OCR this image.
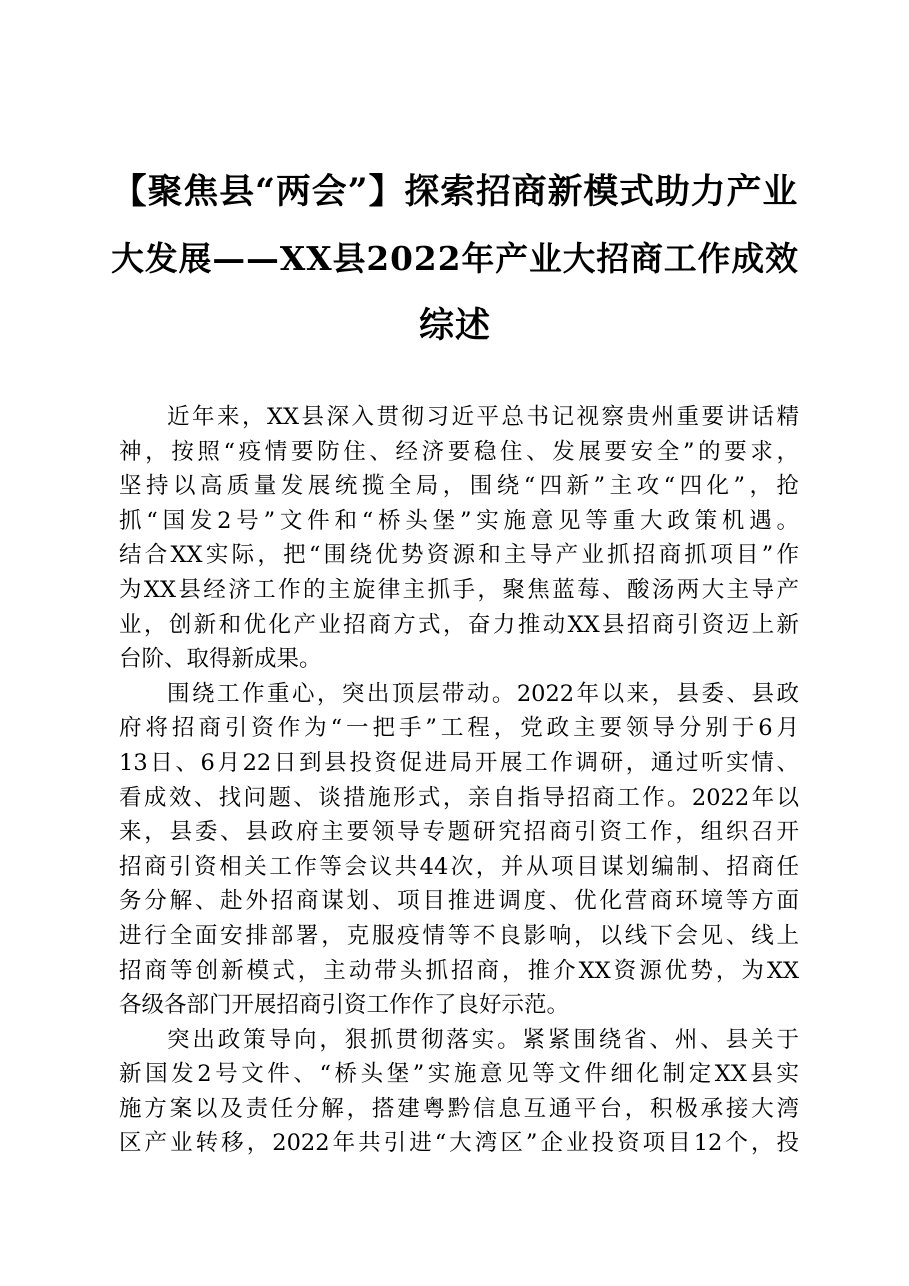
【聚焦县“两会”】探索招商新模式助力产业
大发展——XX县2022年产业大招商工作成效
综述

近年来，XX县深入贯彻习近平总书记视察贵州重要讲话精
神，按照“疫情要防住、经济要稳住、发展要安全”的要求，
坚持以高质量发展统揽全局，围绕“四新”主攻“四化”，抢
抓“国发2号”文件和“桥头堡”实施意见等重大政策机遇。
结合XX实际，把“围绕优势资源和主导产业抓招商抓项目”作
为XX县经济工作的主旋律主抓手，聚焦蓝莓、酸汤两大主导产
业，创新和优化产业招商方式，奋力推动XX县招商引资迈上新
台阶、取得新成果。

围绕工作重心，突出顶层带动。2022年以来，县委、县政
府将招商引资作为“一把手”工程，党政主要领导分别于6月
13日、6月22日到县投资促进局开展工作调研，通过听实情、
看成效、找问题、谈措施形式，亲自指导招商工作。2022年以
来，县委、县政府主要领导专题研究招商引资工作，组织召开
招商引资相关工作等会议共44次，并从项目谋划编制、招商任
务分解、赴外招商谋划、项目推进调度、优化营商环境等方面
进行全面安排部署，克服疫情等不良影响，以线下会见、线上
招商等创新模式，主动带头抓招商，推介XX资源优势，为XX
各级各部门开展招商引资工作作了良好示范。

突出政策导向，狠抓贯彻落实。紧紧围绕省、州、县关于
新国发2号文件、“桥头堡”实施意见等文件细化制定XX县实
施方案以及责任分解，搭建粤黔信息互通平台，积极承接大湾
区产业转移，2022年共引进“大湾区”企业投资项目12个，投
